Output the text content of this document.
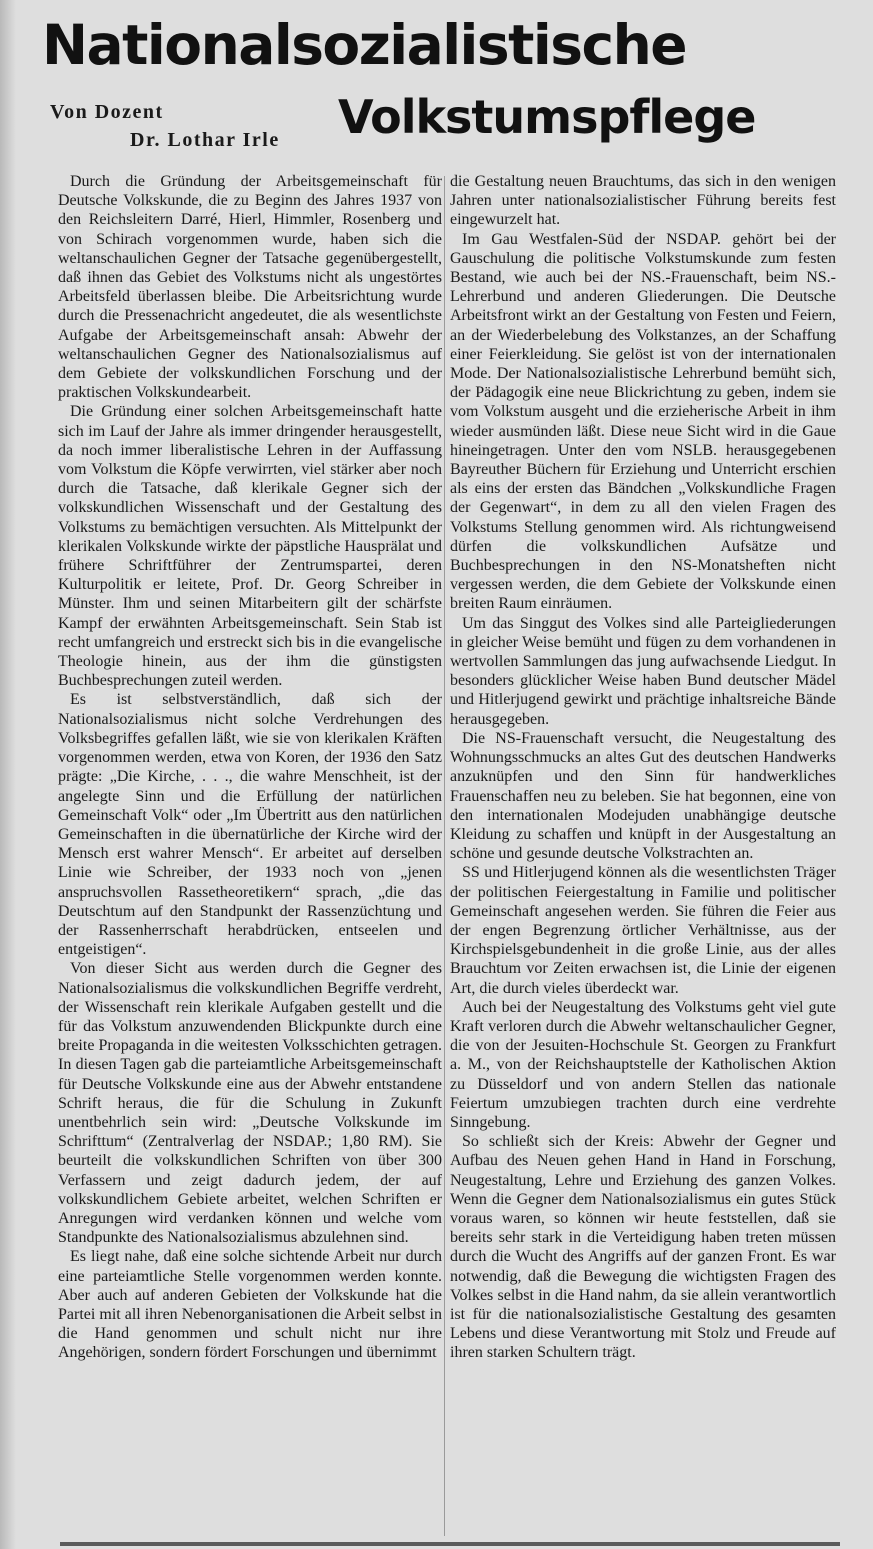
Nationalsozialistische
Von Dozent
Dr. Lothar Irle Volkstumspflege

Durch die Gründung der Arbeitsgemeinschaft für Deutsche Volkskunde, die zu Beginn des Jahres 1937 von den Reichsleitern Darré, Hierl, Himmler, Rosenberg und von Schirach vorgenommen wurde, haben sich die weltanschaulichen Gegner der Tatsache gegenübergestellt, daß ihnen das Gebiet des Volkstums nicht als ungestörtes Arbeitsfeld überlassen bleibe. Die Arbeitsrichtung wurde durch die Pressenachricht angedeutet, die als wesentlichste Aufgabe der Arbeitsgemeinschaft ansah: Abwehr der weltanschaulichen Gegner des Nationalsozialismus auf dem Gebiete der volkskundlichen Forschung und der praktischen Volkskundearbeit.

Die Gründung einer solchen Arbeitsgemeinschaft hatte sich im Lauf der Jahre als immer dringender herausgestellt, da noch immer liberalistische Lehren in der Auffassung vom Volkstum die Köpfe verwirrten, viel stärker aber noch durch die Tatsache, daß klerikale Gegner sich der volkskundlichen Wissenschaft und der Gestaltung des Volkstums zu bemächtigen versuchten. Als Mittelpunkt der klerikalen Volkskunde wirkte der päpstliche Hausprälat und frühere Schriftführer der Zentrumspartei, deren Kulturpolitik er leitete, Prof. Dr. Georg Schreiber in Münster. Ihm und seinen Mitarbeitern gilt der schärfste Kampf der erwähnten Arbeitsgemeinschaft. Sein Stab ist recht umfangreich und erstreckt sich bis in die evangelische Theologie hinein, aus der ihm die günstigsten Buchbesprechungen zuteil werden.

Es ist selbstverständlich, daß sich der Nationalsozialismus nicht solche Verdrehungen des Volksbegriffes gefallen läßt, wie sie von klerikalen Kräften vorgenommen werden, etwa von Koren, der 1936 den Satz prägte: „Die Kirche, . . ., die wahre Menschheit, ist der angelegte Sinn und die Erfüllung der natürlichen Gemeinschaft Volk“ oder „Im Übertritt aus den natürlichen Gemeinschaften in die übernatürliche der Kirche wird der Mensch erst wahrer Mensch“. Er arbeitet auf derselben Linie wie Schreiber, der 1933 noch von „jenen anspruchsvollen Rassetheoretikern“ sprach, „die das Deutschtum auf den Standpunkt der Rassenzüchtung und der Rassenherrschaft herabdrücken, entseelen und entgeistigen“.

Von dieser Sicht aus werden durch die Gegner des Nationalsozialismus die volkskundlichen Begriffe verdreht, der Wissenschaft rein klerikale Aufgaben gestellt und die für das Volkstum anzuwendenden Blickpunkte durch eine breite Propaganda in die weitesten Volksschichten getragen. In diesen Tagen gab die parteiamtliche Arbeitsgemeinschaft für Deutsche Volkskunde eine aus der Abwehr entstandene Schrift heraus, die für die Schulung in Zukunft unentbehrlich sein wird: „Deutsche Volkskunde im Schrifttum“ (Zentralverlag der NSDAP.; 1,80 RM). Sie beurteilt die volkskundlichen Schriften von über 300 Verfassern und zeigt dadurch jedem, der auf volkskundlichem Gebiete arbeitet, welchen Schriften er Anregungen wird verdanken können und welche vom Standpunkte des Nationalsozialismus abzulehnen sind.

Es liegt nahe, daß eine solche sichtende Arbeit nur durch eine parteiamtliche Stelle vorgenommen werden konnte. Aber auch auf anderen Gebieten der Volkskunde hat die Partei mit all ihren Nebenorganisationen die Arbeit selbst in die Hand genommen und schult nicht nur ihre Angehörigen, sondern fördert Forschungen und übernimmt

die Gestaltung neuen Brauchtums, das sich in den wenigen Jahren unter nationalsozialistischer Führung bereits fest eingewurzelt hat.

Im Gau Westfalen-Süd der NSDAP. gehört bei der Gauschulung die politische Volkstumskunde zum festen Bestand, wie auch bei der NS.-Frauenschaft, beim NS.-Lehrerbund und anderen Gliederungen. Die Deutsche Arbeitsfront wirkt an der Gestaltung von Festen und Feiern, an der Wiederbelebung des Volkstanzes, an der Schaffung einer Feierkleidung. Sie gelöst ist von der internationalen Mode. Der Nationalsozialistische Lehrerbund bemüht sich, der Pädagogik eine neue Blickrichtung zu geben, indem sie vom Volkstum ausgeht und die erzieherische Arbeit in ihm wieder ausmünden läßt. Diese neue Sicht wird in die Gaue hineingetragen. Unter den vom NSLB. herausgegebenen Bayreuther Büchern für Erziehung und Unterricht erschien als eins der ersten das Bändchen „Volkskundliche Fragen der Gegenwart“, in dem zu all den vielen Fragen des Volkstums Stellung genommen wird. Als richtungweisend dürfen die volkskundlichen Aufsätze und Buchbesprechungen in den NS-Monatsheften nicht vergessen werden, die dem Gebiete der Volkskunde einen breiten Raum einräumen.

Um das Singgut des Volkes sind alle Parteigliederungen in gleicher Weise bemüht und fügen zu dem vorhandenen in wertvollen Sammlungen das jung aufwachsende Liedgut. In besonders glücklicher Weise haben Bund deutscher Mädel und Hitlerjugend gewirkt und prächtige inhaltsreiche Bände herausgegeben.

Die NS-Frauenschaft versucht, die Neugestaltung des Wohnungsschmucks an altes Gut des deutschen Handwerks anzuknüpfen und den Sinn für handwerkliches Frauenschaffen neu zu beleben. Sie hat begonnen, eine von den internationalen Modejuden unabhängige deutsche Kleidung zu schaffen und knüpft in der Ausgestaltung an schöne und gesunde deutsche Volkstrachten an.

SS und Hitlerjugend können als die wesentlichsten Träger der politischen Feiergestaltung in Familie und politischer Gemeinschaft angesehen werden. Sie führen die Feier aus der engen Begrenzung örtlicher Verhältnisse, aus der Kirchspielsgebundenheit in die große Linie, aus der alles Brauchtum vor Zeiten erwachsen ist, die Linie der eigenen Art, die durch vieles überdeckt war.

Auch bei der Neugestaltung des Volkstums geht viel gute Kraft verloren durch die Abwehr weltanschaulicher Gegner, die von der Jesuiten-Hochschule St. Georgen zu Frankfurt a. M., von der Reichshauptstelle der Katholischen Aktion zu Düsseldorf und von andern Stellen das nationale Feiertum umzubiegen trachten durch eine verdrehte Sinngebung.

So schließt sich der Kreis: Abwehr der Gegner und Aufbau des Neuen gehen Hand in Hand in Forschung, Neugestaltung, Lehre und Erziehung des ganzen Volkes. Wenn die Gegner dem Nationalsozialismus ein gutes Stück voraus waren, so können wir heute feststellen, daß sie bereits sehr stark in die Verteidigung haben treten müssen durch die Wucht des Angriffs auf der ganzen Front. Es war notwendig, daß die Bewegung die wichtigsten Fragen des Volkes selbst in die Hand nahm, da sie allein verantwortlich ist für die nationalsozialistische Gestaltung des gesamten Lebens und diese Verantwortung mit Stolz und Freude auf ihren starken Schultern trägt.
